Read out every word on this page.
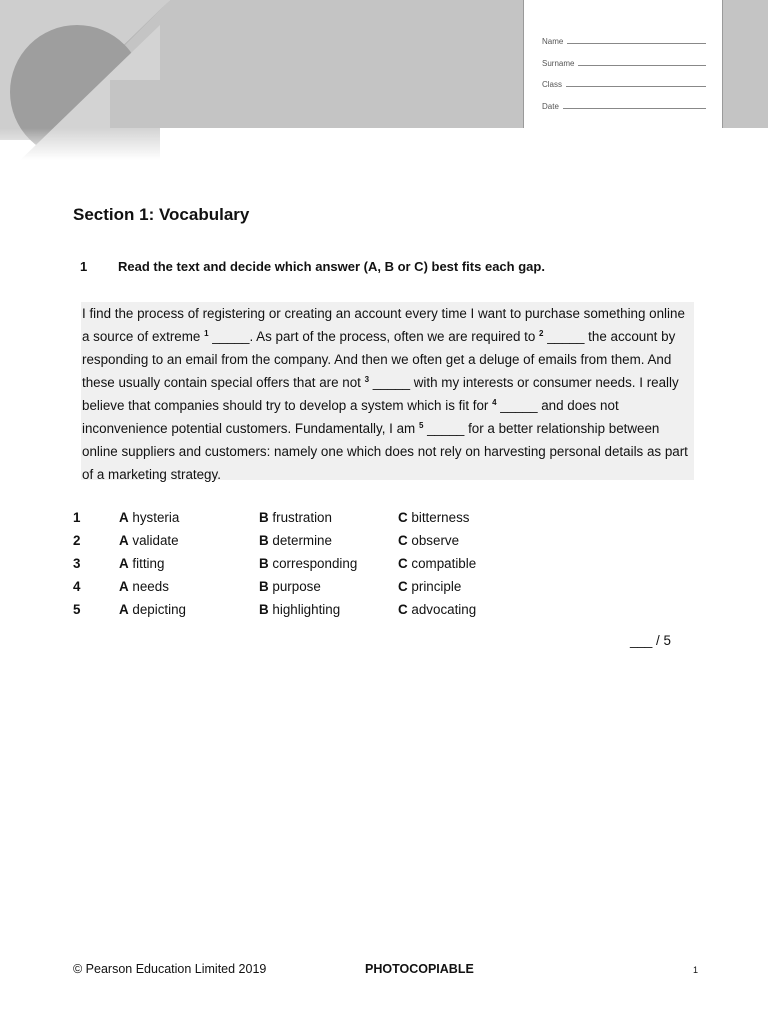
Name
Surname
Class
Date
Section 1: Vocabulary
1 Read the text and decide which answer (A, B or C) best fits each gap.
I find the process of registering or creating an account every time I want to purchase something online a source of extreme $^1$ _____. As part of the process, often we are required to $^2$ _____ the account by responding to an email from the company. And then we often get a deluge of emails from them. And these usually contain special offers that are not $^3$ _____ with my interests or consumer needs. I really believe that companies should try to develop a system which is fit for $^4$ _____ and does not inconvenience potential customers. Fundamentally, I am $^5$ _____ for a better relationship between online suppliers and customers: namely one which does not rely on harvesting personal details as part of a marketing strategy.
1	A hysteria	B frustration	C bitterness
2	A validate	B determine	C observe
3	A fitting	B corresponding	C compatible
4	A needs	B purpose	C principle
5	A depicting	B highlighting	C advocating
___ / 5
© Pearson Education Limited 2019	PHOTOCOPIABLE	1
